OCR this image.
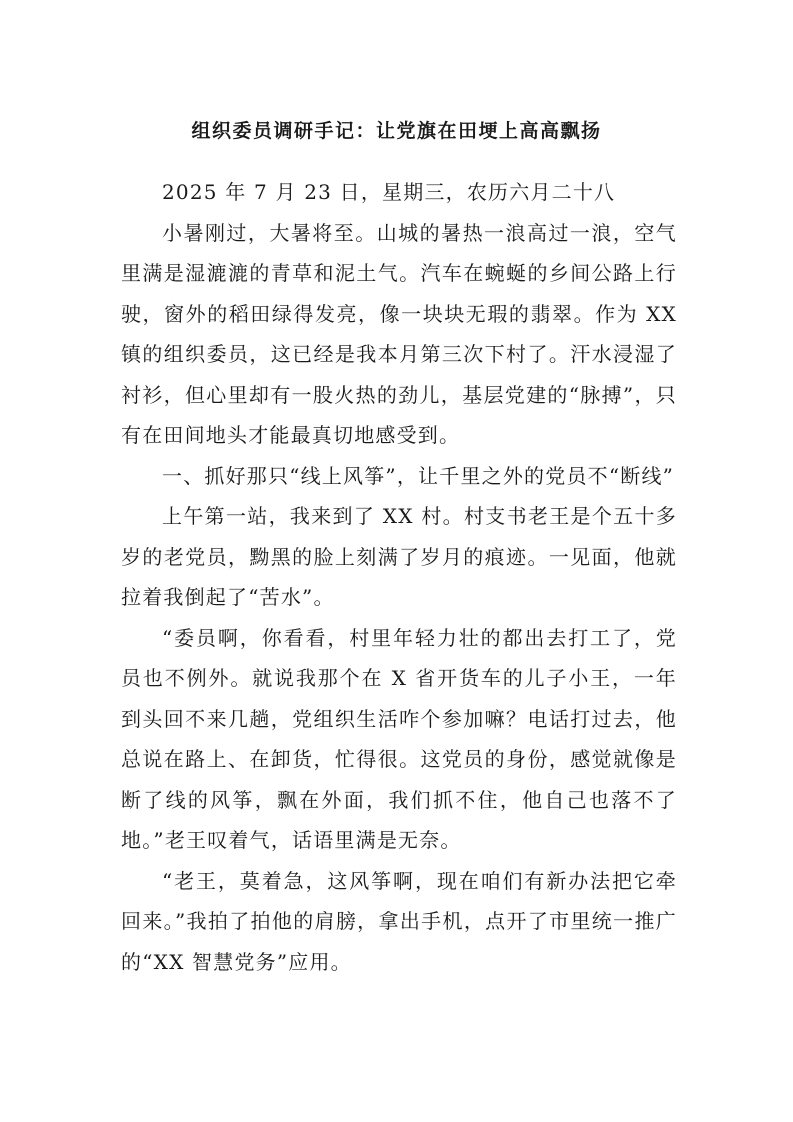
组织委员调研手记：让党旗在田埂上高高飘扬

2025 年 7 月 23 日，星期三，农历六月二十八

小暑刚过，大暑将至。山城的暑热一浪高过一浪，空气里满是湿漉漉的青草和泥土气。汽车在蜿蜒的乡间公路上行驶，窗外的稻田绿得发亮，像一块块无瑕的翡翠。作为 XX 镇的组织委员，这已经是我本月第三次下村了。汗水浸湿了衬衫，但心里却有一股火热的劲儿，基层党建的“脉搏”，只有在田间地头才能最真切地感受到。

一、抓好那只“线上风筝”，让千里之外的党员不“断线”

上午第一站，我来到了 XX 村。村支书老王是个五十多岁的老党员，黝黑的脸上刻满了岁月的痕迹。一见面，他就拉着我倒起了“苦水”。

“委员啊，你看看，村里年轻力壮的都出去打工了，党员也不例外。就说我那个在 X 省开货车的儿子小王，一年到头回不来几趟，党组织生活咋个参加嘛？电话打过去，他总说在路上、在卸货，忙得很。这党员的身份，感觉就像是断了线的风筝，飘在外面，我们抓不住，他自己也落不了地。”老王叹着气，话语里满是无奈。

“老王，莫着急，这风筝啊，现在咱们有新办法把它牵回来。”我拍了拍他的肩膀，拿出手机，点开了市里统一推广的“XX 智慧党务”应用。
